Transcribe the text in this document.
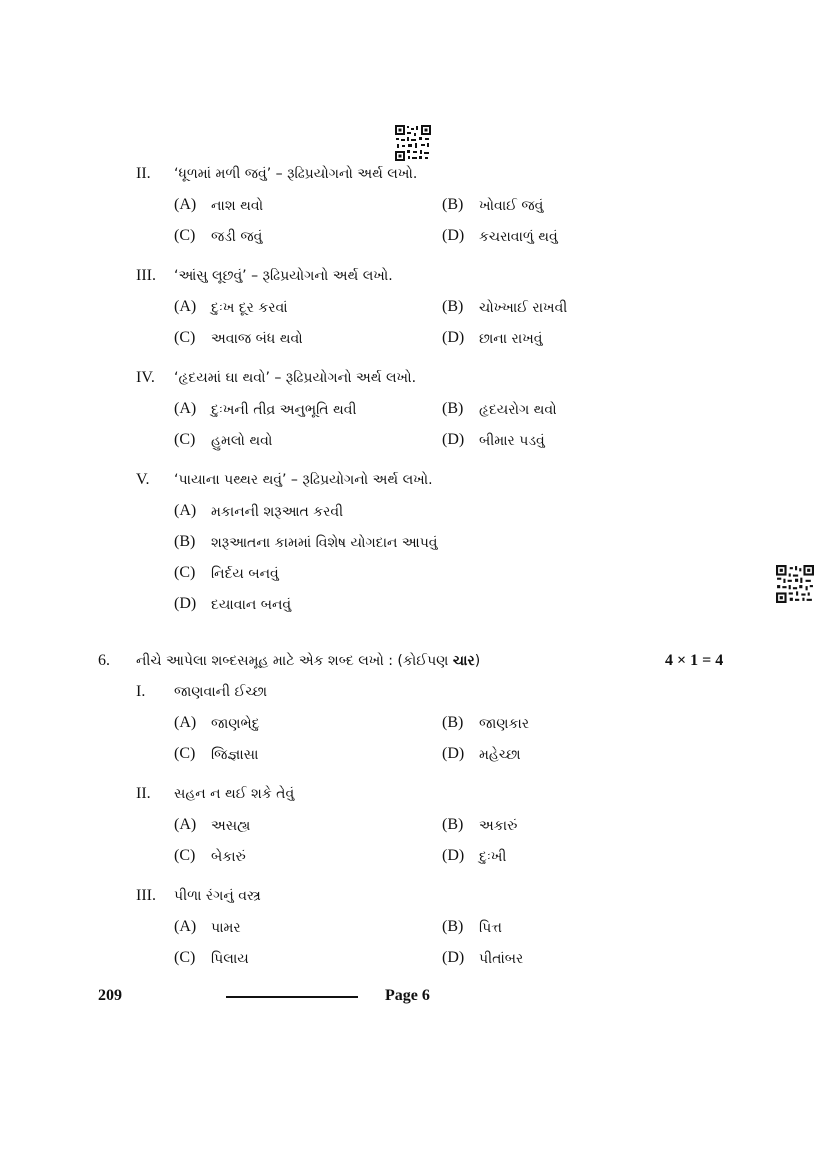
II. ‘ધૂળમાં મળી જવું’ – રૂઢિપ્રયોગનો અર્થ લખો.
(A) નાશ થવો	(B) ખોવાઈ જવું
(C) જડી જવું	(D) કચરાવાળું થવું
III. ‘આંસુ લૂછવું’ – રૂઢિપ્રયોગનો અર્થ લખો.
(A) દુઃખ દૂર કરવાં	(B) ચોખ્ખાઈ રાખવી
(C) અવાજ બંધ થવો	(D) છાના રાખવું
IV. ‘હૃદયમાં ઘા થવો’ – રૂઢિપ્રયોગનો અર્થ લખો.
(A) દુઃખની તીવ્ર અનુભૂતિ થવી	(B) હૃદયરોગ થવો
(C) હુમલો થવો	(D) બીમાર પડવું
V. ‘પાયાના પથ્થર થવું’ – રૂઢિપ્રયોગનો અર્થ લખો.
(A) મકાનની શરૂઆત કરવી
(B) શરૂઆતના કામમાં વિશેષ યોગદાન આપવું
(C) નિર્દય બનવું
(D) દયાવાન બનવું
6. નીચે આપેલા શબ્દસમૂહ માટે એક શબ્દ લખો : (કોઈપણ ચાર)	4 × 1 = 4
I. જાણવાની ઈચ્છા
(A) જાણભેદુ	(B) જાણકાર
(C) જિજ્ઞાસા	(D) મહેચ્છા
II. સહન ન થઈ શકે તેવું
(A) અસહ્ય	(B) અકારું
(C) બેકારું	(D) દુઃખી
III. પીળા રંગનું વસ્ત્ર
(A) પામર	(B) પિત્ત
(C) પિલાય	(D) પીતાંબર
209	Page 6
